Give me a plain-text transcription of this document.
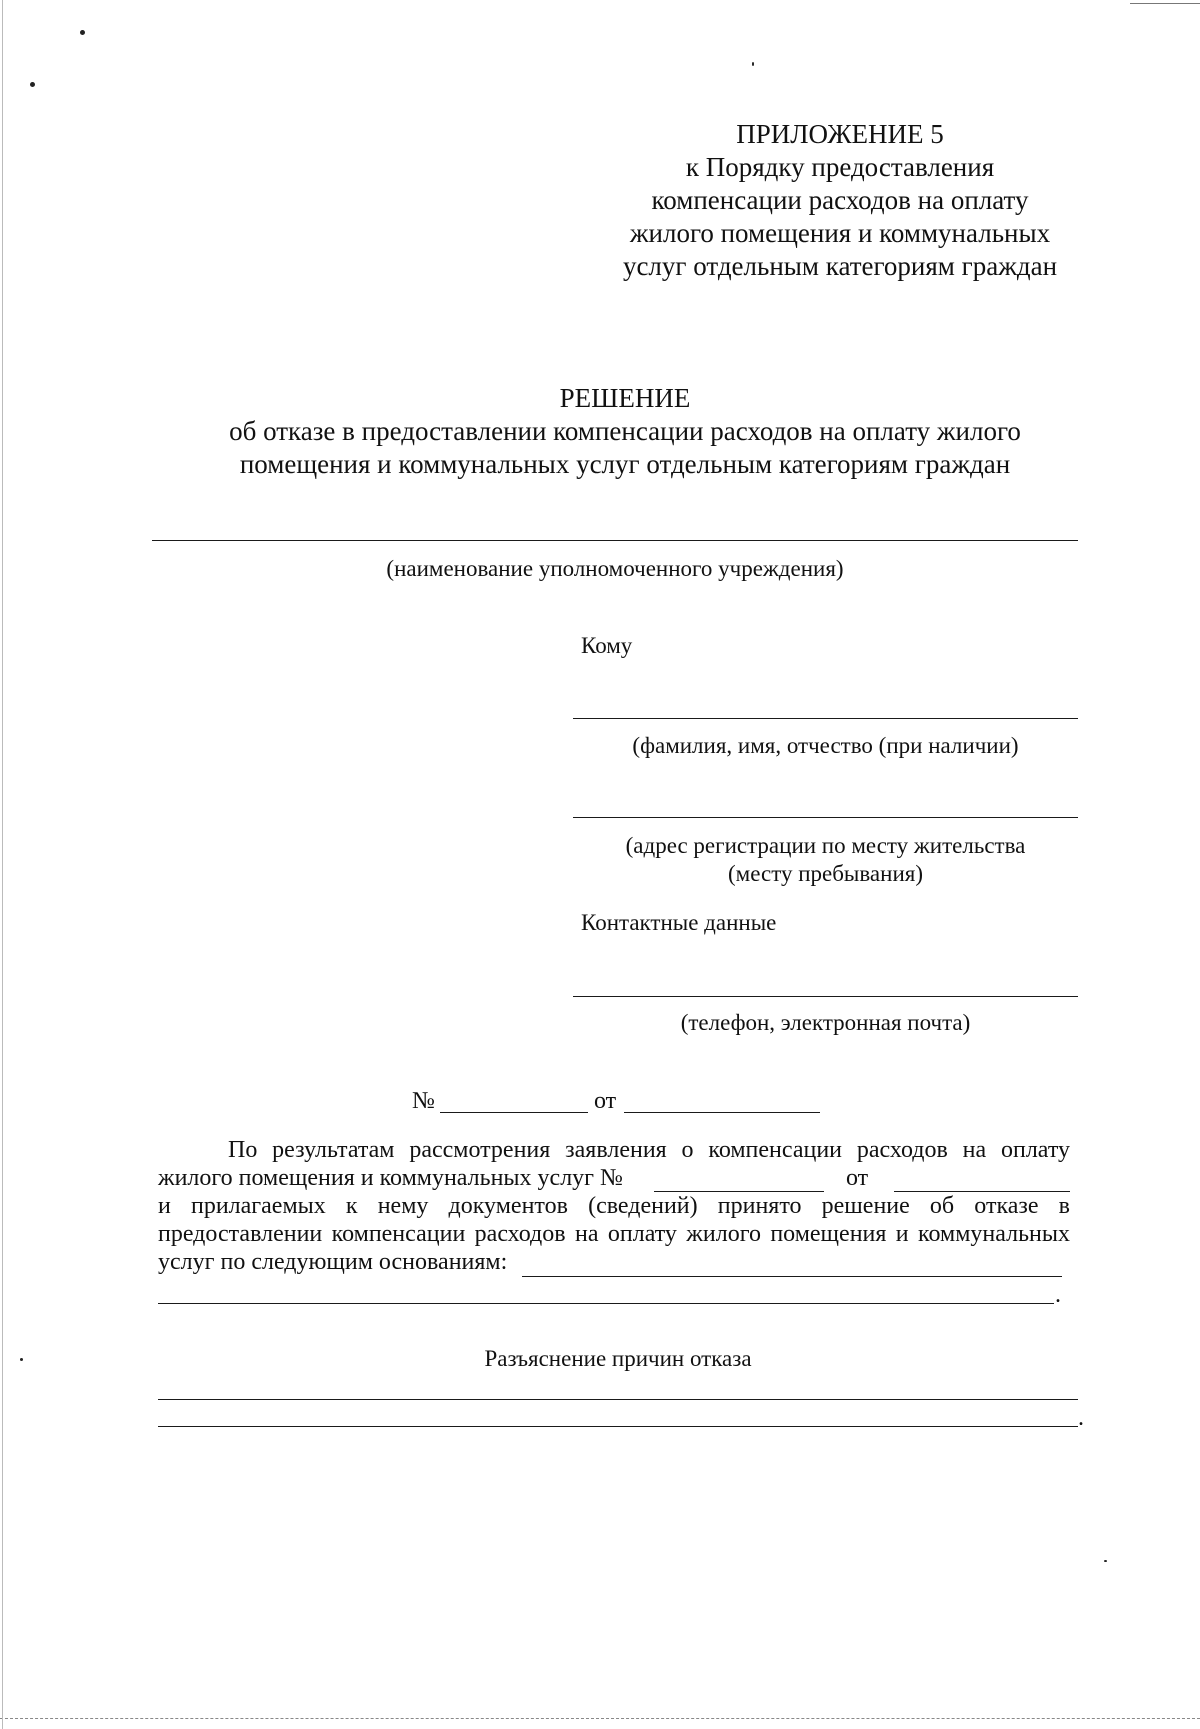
ПРИЛОЖЕНИЕ 5
к Порядку предоставления
компенсации расходов на оплату
жилого помещения и коммунальных
услуг отдельным категориям граждан
РЕШЕНИЕ
об отказе в предоставлении компенсации расходов на оплату жилого
помещения и коммунальных услуг отдельным категориям граждан
(наименование уполномоченного учреждения)
Кому
(фамилия, имя, отчество (при наличии)
(адрес регистрации по месту жительства
(месту пребывания)
Контактные данные
(телефон, электронная почта)
№	от
По результатам рассмотрения заявления о компенсации расходов на оплату
жилого помещения и коммунальных услуг №	от
и прилагаемых к нему документов (сведений) принято решение об отказе в
предоставлении компенсации расходов на оплату жилого помещения и коммунальных
услуг по следующим основаниям:
.
Разъяснение причин отказа
.
